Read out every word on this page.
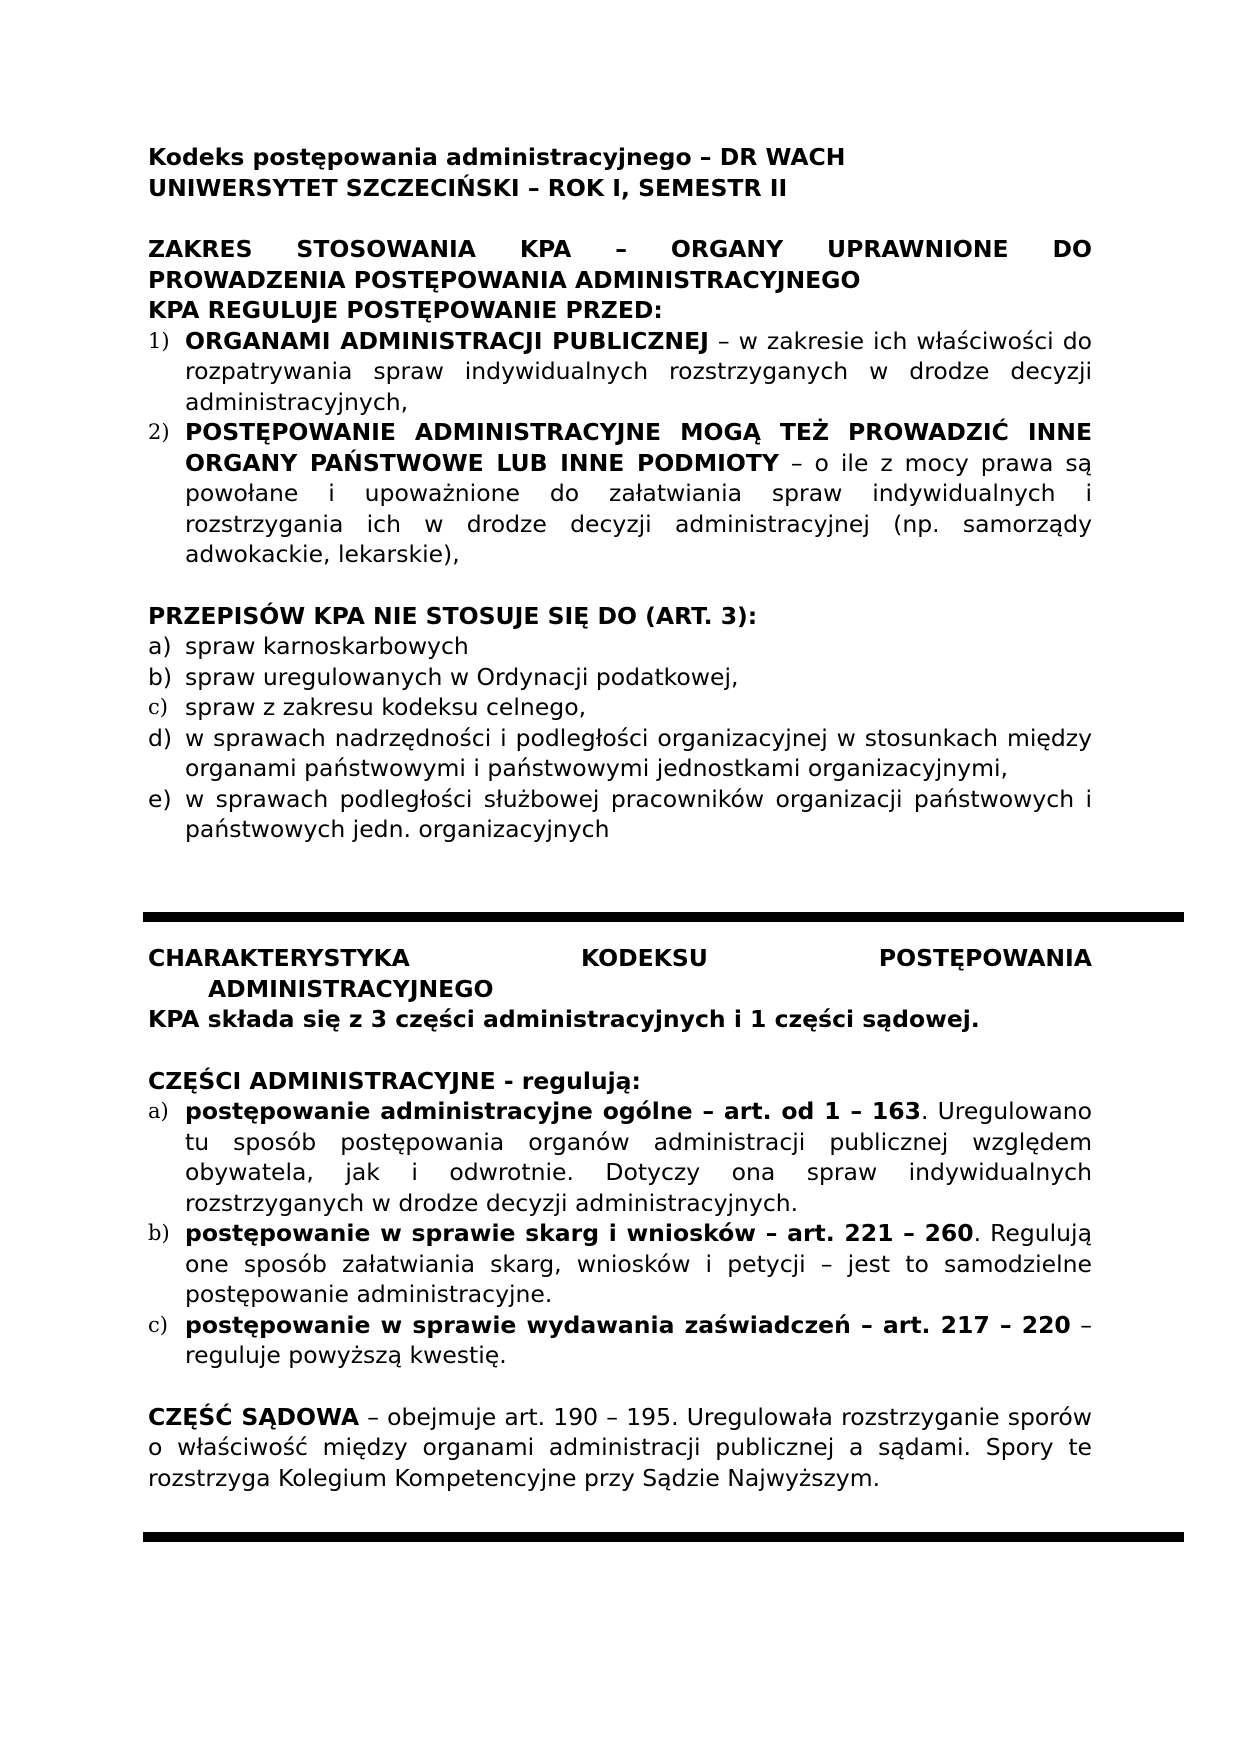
Kodeks postępowania administracyjnego – DR WACH

UNIWERSYTET SZCZECIŃSKI – ROK I, SEMESTR II

ZAKRES STOSOWANIA KPA – ORGANY UPRAWNIONE DO

PROWADZENIA POSTĘPOWANIA ADMINISTRACYJNEGO

KPA REGULUJE POSTĘPOWANIE PRZED:

1) ORGANAMI ADMINISTRACJI PUBLICZNEJ – w zakresie ich właściwości do rozpatrywania spraw indywidualnych rozstrzyganych w drodze decyzji administracyjnych,
2) POSTĘPOWANIE ADMINISTRACYJNE MOGĄ TEŻ PROWADZIĆ INNE ORGANY PAŃSTWOWE LUB INNE PODMIOTY – o ile z mocy prawa są powołane i upoważnione do załatwiania spraw indywidualnych i rozstrzygania ich w drodze decyzji administracyjnej (np. samorządy adwokackie, lekarskie),

PRZEPISÓW KPA NIE STOSUJE SIĘ DO (ART. 3):

a) spraw karnoskarbowych
b) spraw uregulowanych w Ordynacji podatkowej,
c) spraw z zakresu kodeksu celnego,
d) w sprawach nadrzędności i podległości organizacyjnej w stosunkach między organami państwowymi i państwowymi jednostkami organizacyjnymi,
e) w sprawach podległości służbowej pracowników organizacji państwowych i państwowych jedn. organizacyjnych

CHARAKTERYSTYKA KODEKSU POSTĘPOWANIA

ADMINISTRACYJNEGO

KPA składa się z 3 części administracyjnych i 1 części sądowej.

CZĘŚCI ADMINISTRACYJNE - regulują:

a) postępowanie administracyjne ogólne – art. od 1 – 163. Uregulowano tu sposób postępowania organów administracji publicznej względem obywatela, jak i odwrotnie. Dotyczy ona spraw indywidualnych rozstrzyganych w drodze decyzji administracyjnych.
b) postępowanie w sprawie skarg i wniosków – art. 221 – 260. Regulują one sposób załatwiania skarg, wniosków i petycji – jest to samodzielne postępowanie administracyjne.
c) postępowanie w sprawie wydawania zaświadczeń – art. 217 – 220 – reguluje powyższą kwestię.

CZĘŚĆ SĄDOWA – obejmuje art. 190 – 195. Uregulowała rozstrzyganie sporów o właściwość między organami administracji publicznej a sądami. Spory te rozstrzyga Kolegium Kompetencyjne przy Sądzie Najwyższym.
